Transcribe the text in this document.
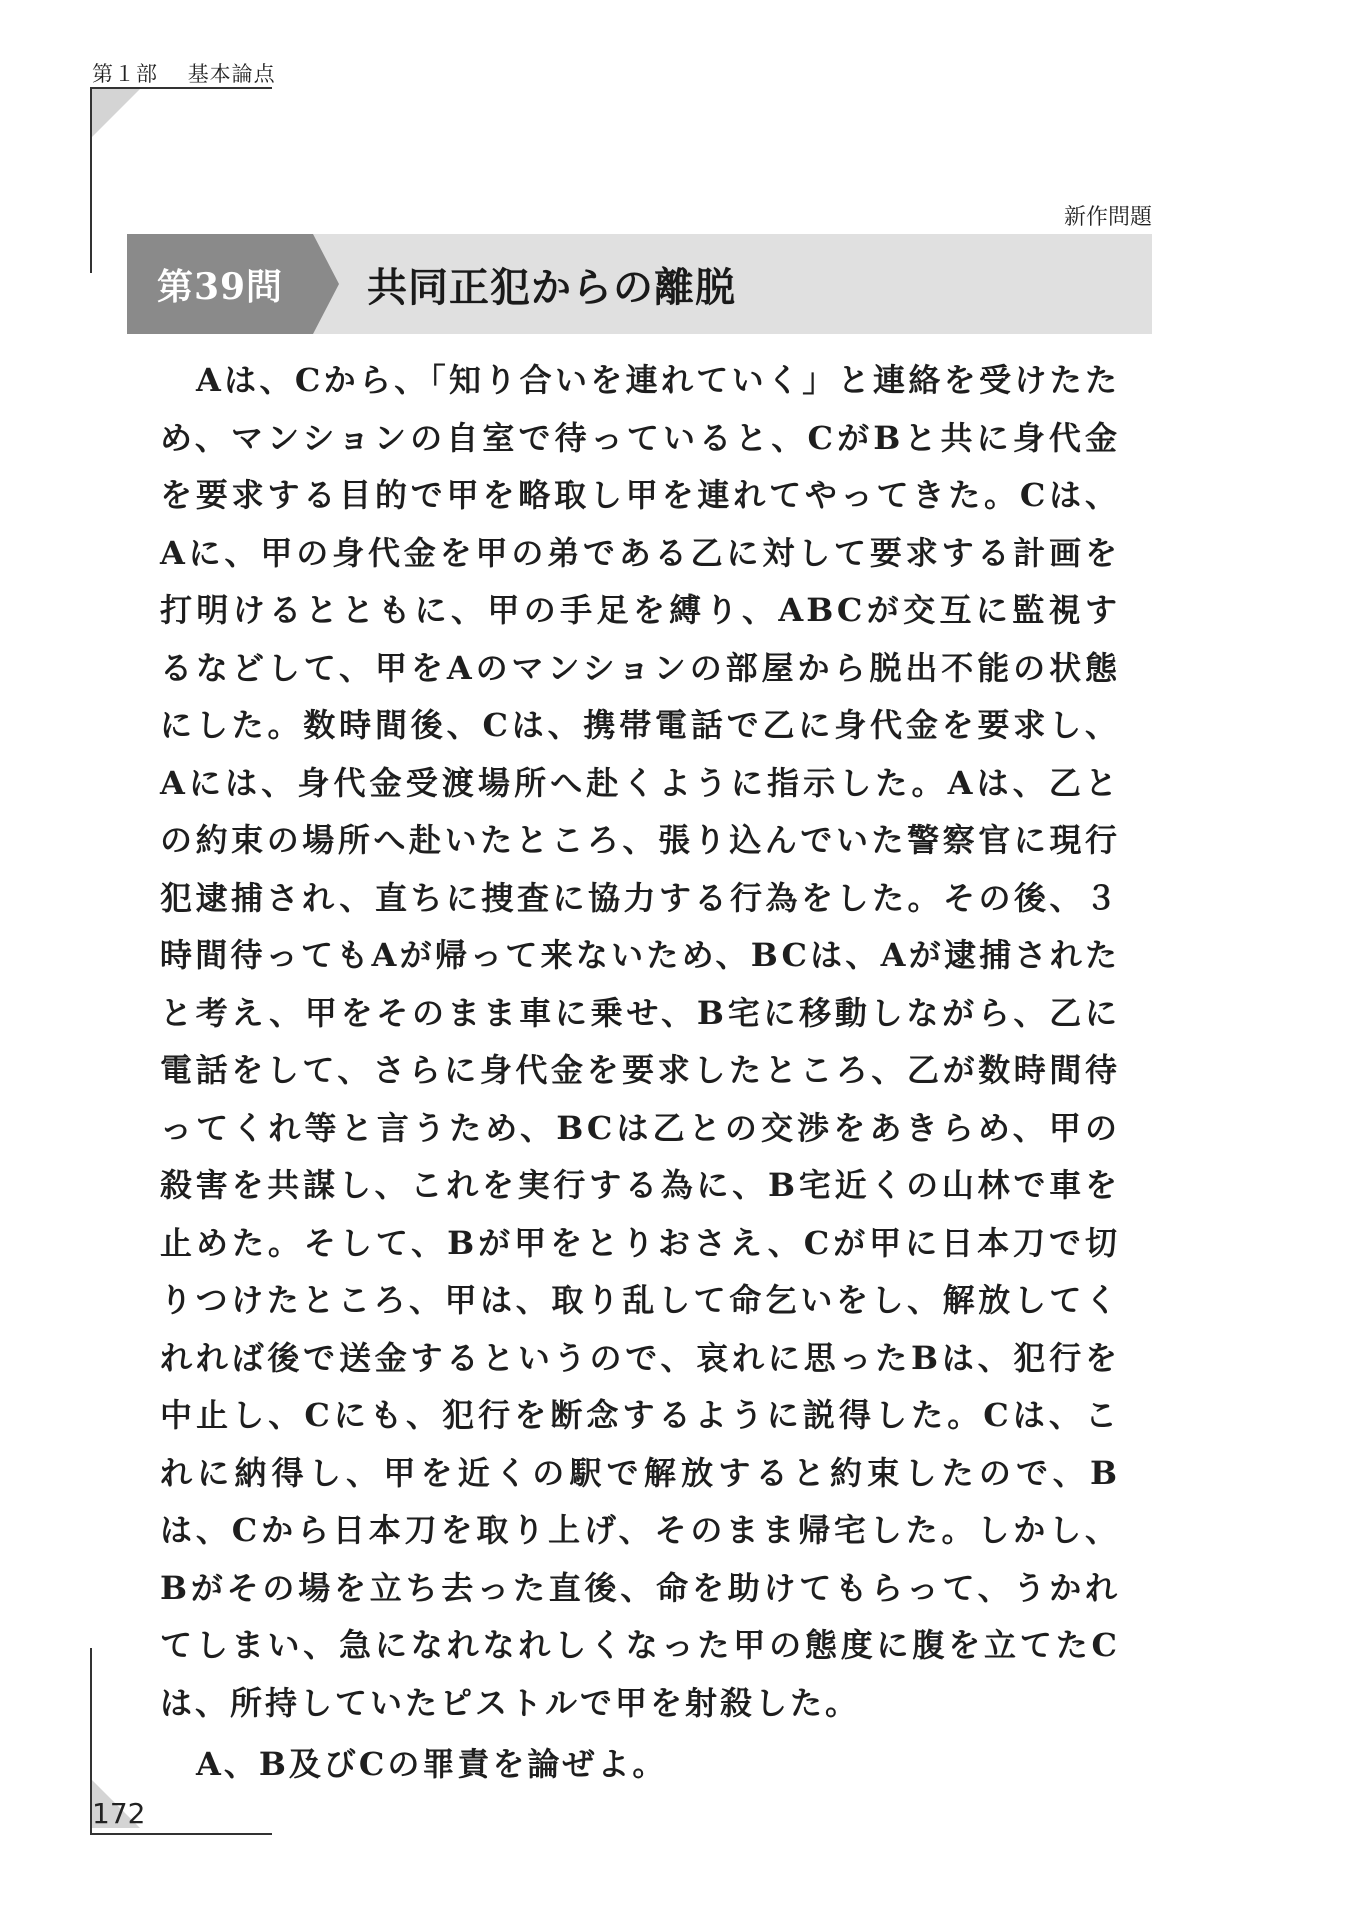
第１部 基本論点
新作問題
第39問	共同正犯からの離脱

Aは、Cから、「知り合いを連れていく」と連絡を受けたため、マンションの自室で待っていると、CがBと共に身代金を要求する目的で甲を略取し甲を連れてやってきた。Cは、Aに、甲の身代金を甲の弟である乙に対して要求する計画を打明けるとともに、甲の手足を縛り、ABCが交互に監視するなどして、甲をAのマンションの部屋から脱出不能の状態にした。数時間後、Cは、携帯電話で乙に身代金を要求し、Aには、身代金受渡場所へ赴くように指示した。Aは、乙との約束の場所へ赴いたところ、張り込んでいた警察官に現行犯逮捕され、直ちに捜査に協力する行為をした。その後、３時間待ってもAが帰って来ないため、BCは、Aが逮捕されたと考え、甲をそのまま車に乗せ、B宅に移動しながら、乙に電話をして、さらに身代金を要求したところ、乙が数時間待ってくれ等と言うため、BCは乙との交渉をあきらめ、甲の殺害を共謀し、これを実行する為に、B宅近くの山林で車を止めた。そして、Bが甲をとりおさえ、Cが甲に日本刀で切りつけたところ、甲は、取り乱して命乞いをし、解放してくれれば後で送金するというので、哀れに思ったBは、犯行を中止し、Cにも、犯行を断念するように説得した。Cは、これに納得し、甲を近くの駅で解放すると約束したので、Bは、Cから日本刀を取り上げ、そのまま帰宅した。しかし、Bがその場を立ち去った直後、命を助けてもらって、うかれてしまい、急になれなれしくなった甲の態度に腹を立てたCは、所持していたピストルで甲を射殺した。

A、B及びCの罪責を論ぜよ。

172
